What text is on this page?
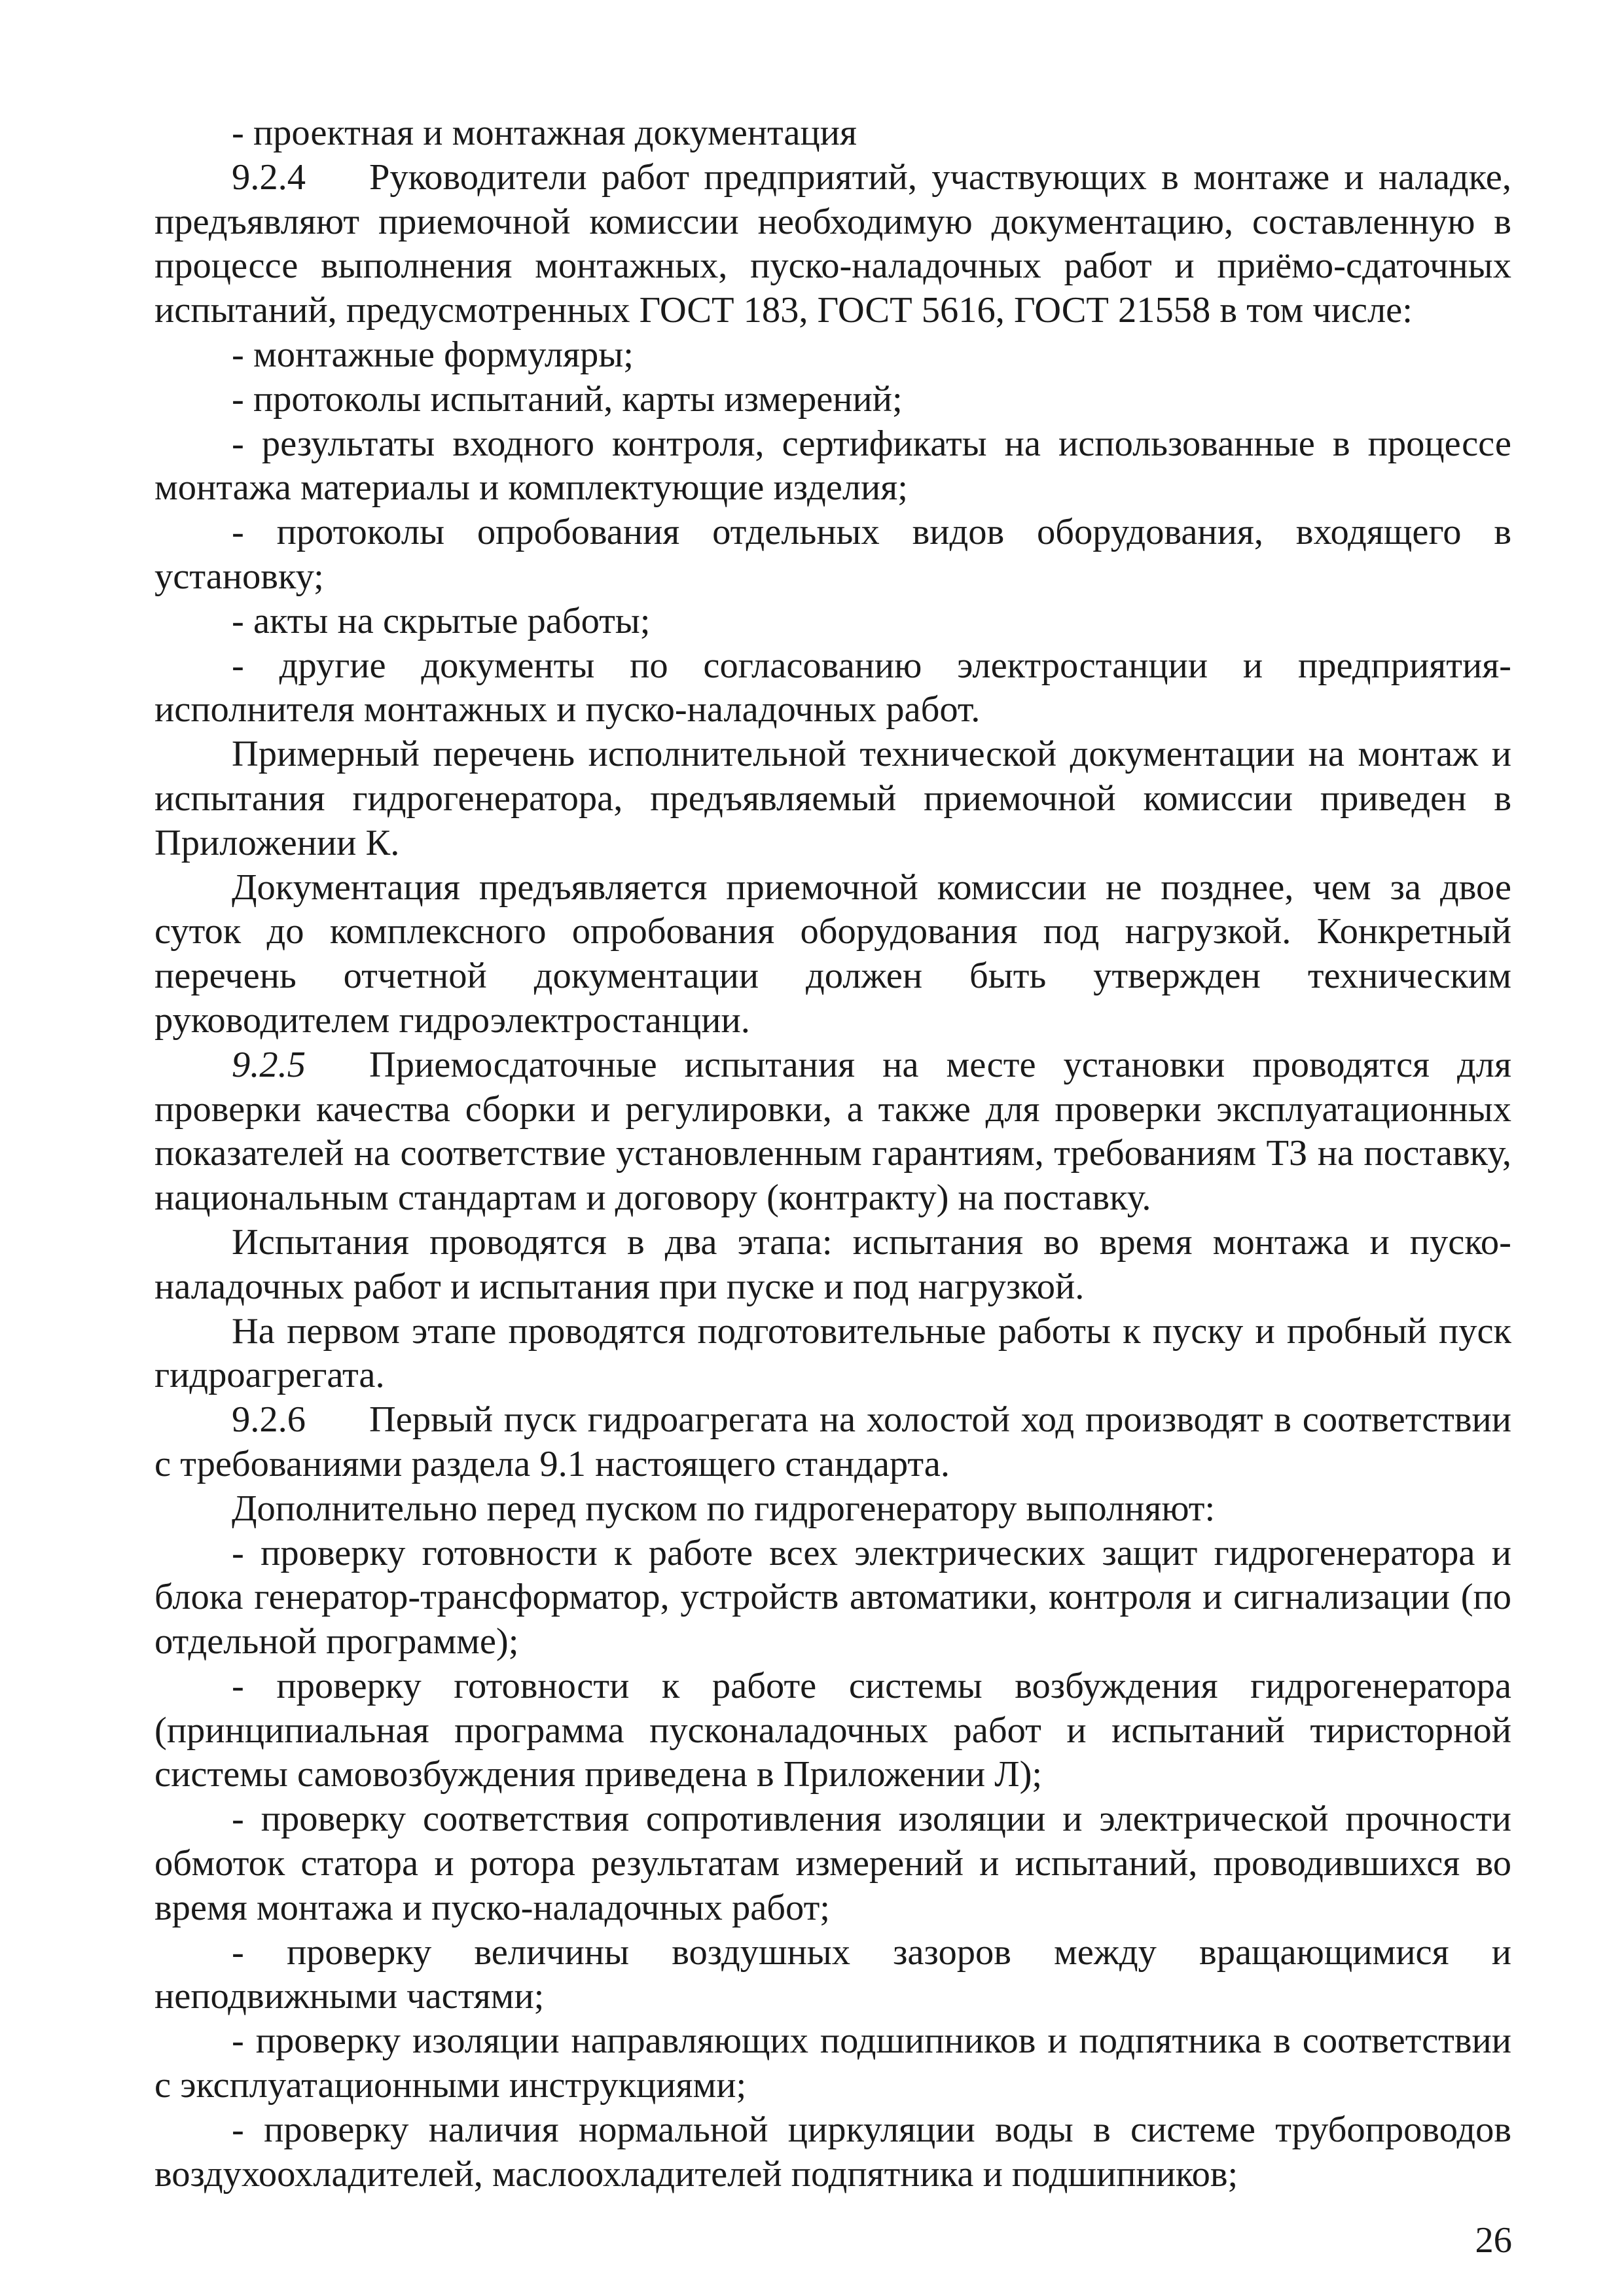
- проектная и монтажная документация

9.2.4 Руководители работ предприятий, участвующих в монтаже и наладке, предъявляют приемочной комиссии необходимую документацию, составленную в процессе выполнения монтажных, пуско-наладочных работ и приёмо-сдаточных испытаний, предусмотренных ГОСТ 183, ГОСТ 5616, ГОСТ 21558 в том числе:

- монтажные формуляры;

- протоколы испытаний, карты измерений;

- результаты входного контроля, сертификаты на использованные в процессе монтажа материалы и комплектующие изделия;

- протоколы опробования отдельных видов оборудования, входящего в установку;

- акты на скрытые работы;

- другие документы по согласованию электростанции и предприятия-исполнителя монтажных и пуско-наладочных работ.

Примерный перечень исполнительной технической документации на монтаж и испытания гидрогенератора, предъявляемый приемочной комиссии приведен в Приложении К.

Документация предъявляется приемочной комиссии не позднее, чем за двое суток до комплексного опробования оборудования под нагрузкой. Конкретный перечень отчетной документации должен быть утвержден техническим руководителем гидроэлектростанции.

9.2.5 Приемосдаточные испытания на месте установки проводятся для проверки качества сборки и регулировки, а также для проверки эксплуатационных показателей на соответствие установленным гарантиям, требованиям ТЗ на поставку, национальным стандартам и договору (контракту) на поставку.

Испытания проводятся в два этапа: испытания во время монтажа и пуско-наладочных работ и испытания при пуске и под нагрузкой.

На первом этапе проводятся подготовительные работы к пуску и пробный пуск гидроагрегата.

9.2.6 Первый пуск гидроагрегата на холостой ход производят в соответствии с требованиями раздела 9.1 настоящего стандарта.

Дополнительно перед пуском по гидрогенератору выполняют:

- проверку готовности к работе всех электрических защит гидрогенератора и блока генератор-трансформатор, устройств автоматики, контроля и сигнализации (по отдельной программе);

- проверку готовности к работе системы возбуждения гидрогенератора (принципиальная программа пусконаладочных работ и испытаний тиристорной системы самовозбуждения приведена в Приложении Л);

- проверку соответствия сопротивления изоляции и электрической прочности обмоток статора и ротора результатам измерений и испытаний, проводившихся во время монтажа и пуско-наладочных работ;

- проверку величины воздушных зазоров между вращающимися и неподвижными частями;

- проверку изоляции направляющих подшипников и подпятника в соответствии с эксплуатационными инструкциями;

- проверку наличия нормальной циркуляции воды в системе трубопроводов воздухоохладителей, маслоохладителей подпятника и подшипников;

26
